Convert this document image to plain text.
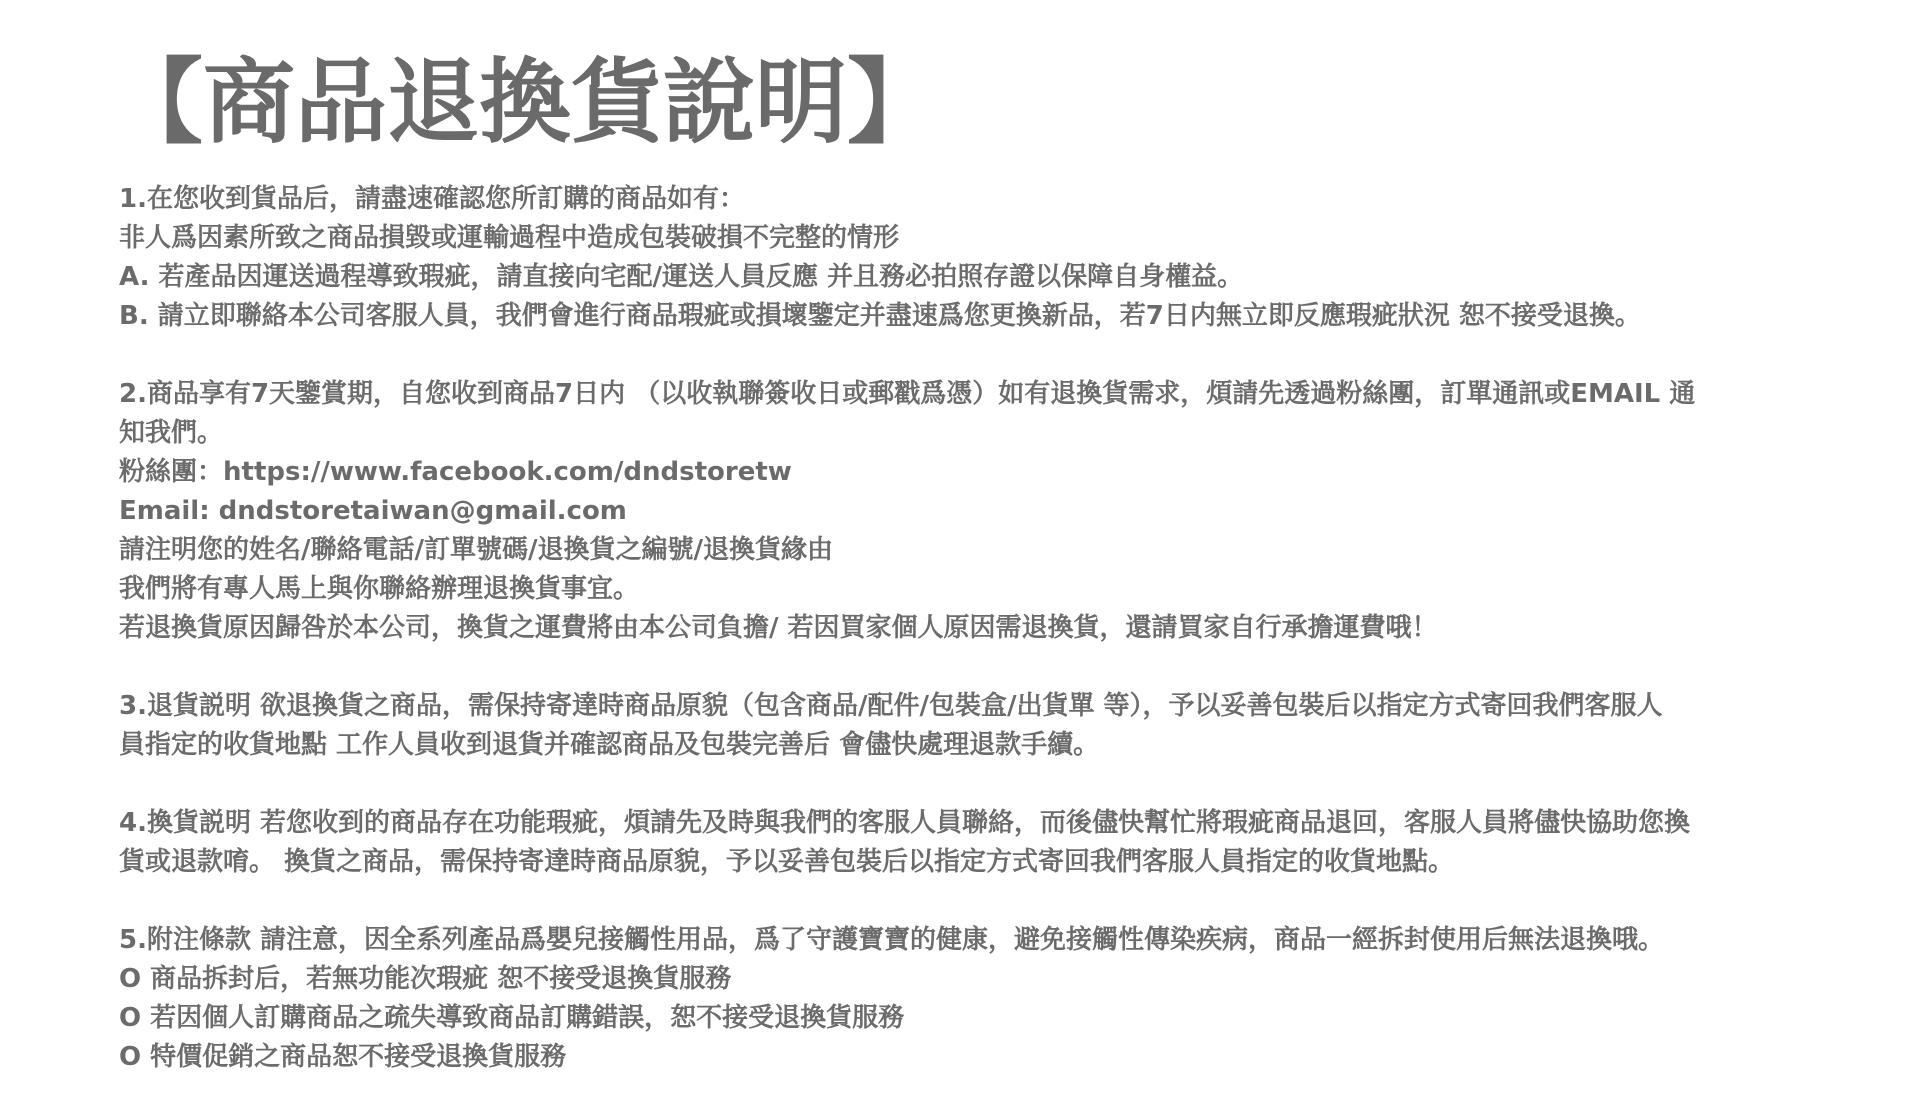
【商品退換貨說明】
1.在您收到貨品后，請盡速確認您所訂購的商品如有：
非人爲因素所致之商品損毀或運輸過程中造成包裝破損不完整的情形
A. 若產品因運送過程導致瑕疵，請直接向宅配/運送人員反應 并且務必拍照存證以保障自身權益。
B. 請立即聯絡本公司客服人員，我們會進行商品瑕疵或損壞鑒定并盡速爲您更換新品，若7日内無立即反應瑕疵狀況 恕不接受退換。
2.商品享有7天鑒賞期，自您收到商品7日内 （以收執聯簽收日或郵戳爲憑）如有退換貨需求，煩請先透過粉絲團，訂單通訊或EMAIL 通
知我們。
粉絲團：https://www.facebook.com/dndstoretw
Email: dndstoretaiwan@gmail.com
請注明您的姓名/聯絡電話/訂單號碼/退換貨之編號/退換貨緣由
我們將有專人馬上與你聯絡辦理退換貨事宜。
若退換貨原因歸咎於本公司，換貨之運費將由本公司負擔/ 若因買家個人原因需退換貨，還請買家自行承擔運費哦！
3.退貨説明 欲退換貨之商品，需保持寄達時商品原貌（包含商品/配件/包裝盒/出貨單 等），予以妥善包裝后以指定方式寄回我們客服人
員指定的收貨地點 工作人員收到退貨并確認商品及包裝完善后 會儘快處理退款手續。
4.換貨説明 若您收到的商品存在功能瑕疵，煩請先及時與我們的客服人員聯絡，而後儘快幫忙將瑕疵商品退回，客服人員將儘快協助您換
貨或退款唷。 換貨之商品，需保持寄達時商品原貌，予以妥善包裝后以指定方式寄回我們客服人員指定的收貨地點。
5.附注條款 請注意，因全系列產品爲嬰兒接觸性用品，爲了守護寶寶的健康，避免接觸性傳染疾病，商品一經拆封使用后無法退換哦。
O 商品拆封后，若無功能次瑕疵 恕不接受退換貨服務
O 若因個人訂購商品之疏失導致商品訂購錯誤，恕不接受退換貨服務
O 特價促銷之商品恕不接受退換貨服務
